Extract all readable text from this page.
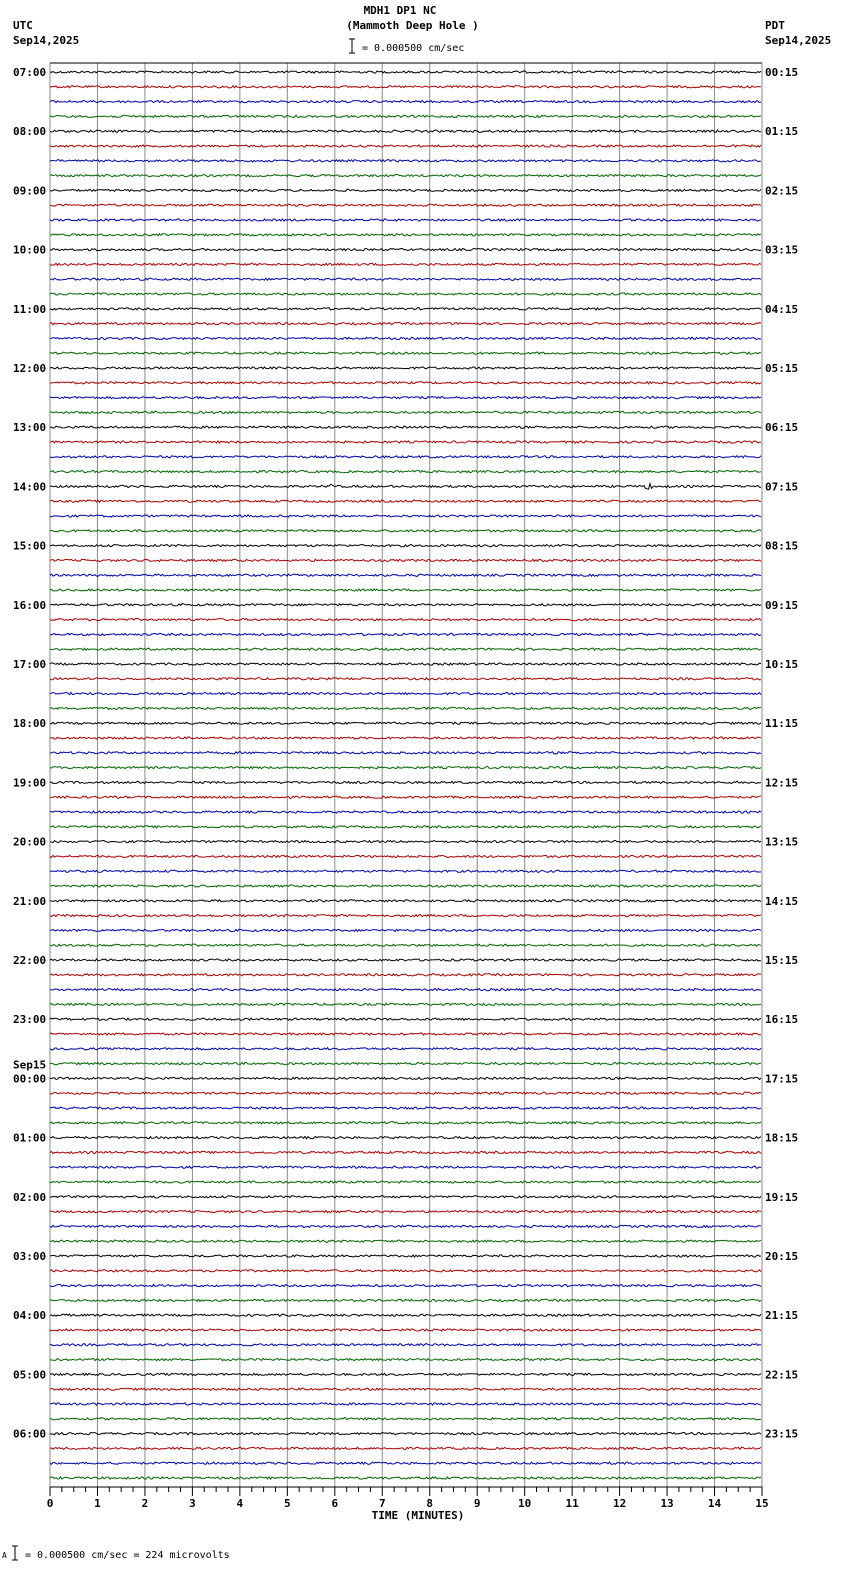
MDH1 DP1 NC
(Mammoth Deep Hole )
UTC
Sep14,2025
PDT
Sep14,2025
= 0.000500 cm/sec
07:00
08:00
09:00
10:00
11:00
12:00
13:00
14:00
15:00
16:00
17:00
18:00
19:00
20:00
21:00
22:00
23:00
00:00
01:00
02:00
03:00
04:00
05:00
06:00
00:15
01:15
02:15
03:15
04:15
05:15
06:15
07:15
08:15
09:15
10:15
11:15
12:15
13:15
14:15
15:15
16:15
17:15
18:15
19:15
20:15
21:15
22:15
23:15
Sep15
0	1	2	3	4	5	6	7	8	9	10	11	12	13	14	15
TIME (MINUTES)
A = 0.000500 cm/sec = 224 microvolts
